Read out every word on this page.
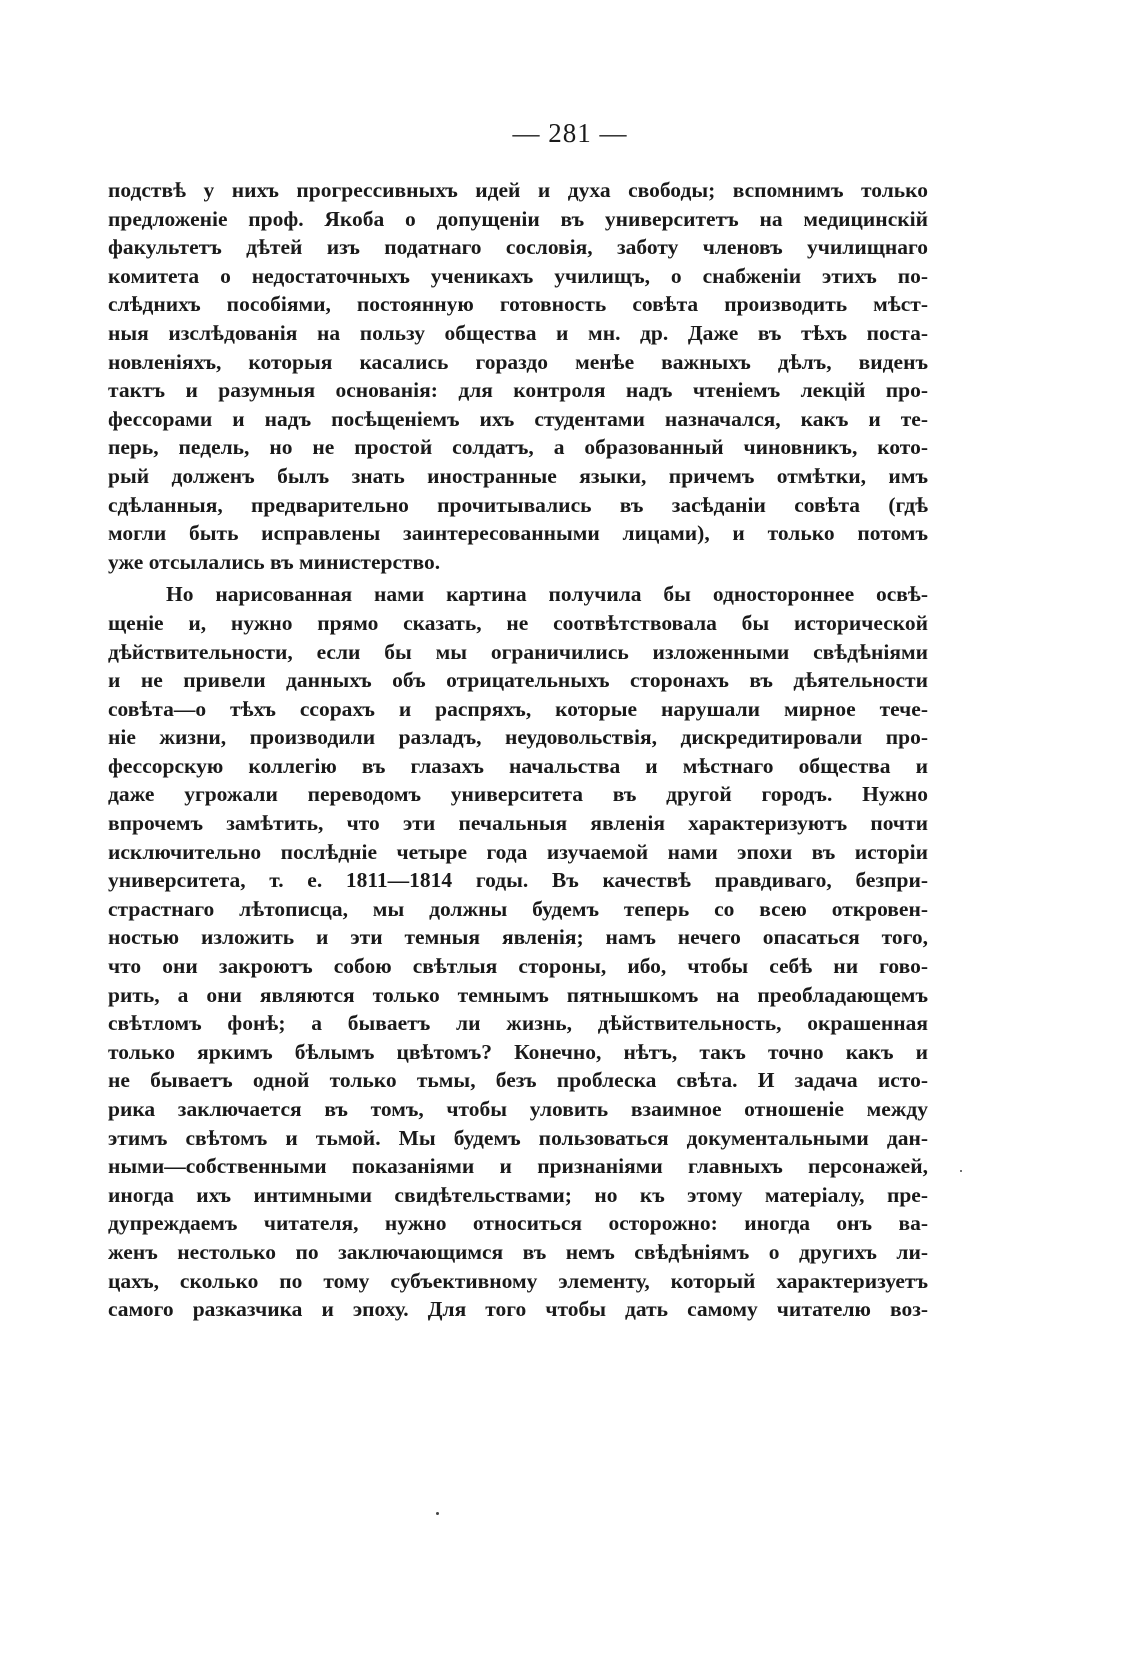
— 281 —
подствѣ у нихъ прогрессивныхъ идей и духа свободы; вспомнимъ только
предложеніе проф. Якоба о допущеніи въ университетъ на медицинскій
факультетъ дѣтей изъ податнаго сословія, заботу членовъ училищнаго
комитета о недостаточныхъ ученикахъ училищъ, о снабженіи этихъ по-
слѣднихъ пособіями, постоянную готовность совѣта производить мѣст-
ныя изслѣдованія на пользу общества и мн. др. Даже въ тѣхъ поста-
новленіяхъ, которыя касались гораздо менѣе важныхъ дѣлъ, виденъ
тактъ и разумныя основанія: для контроля надъ чтеніемъ лекцій про-
фессорами и надъ посѣщеніемъ ихъ студентами назначался, какъ и те-
перь, педель, но не простой солдатъ, а образованный чиновникъ, кото-
рый долженъ былъ знать иностранные языки, причемъ отмѣтки, имъ
сдѣланныя, предварительно прочитывались въ засѣданіи совѣта (гдѣ
могли быть исправлены заинтересованными лицами), и только потомъ
уже отсылались въ министерство.
Но нарисованная нами картина получила бы одностороннее освѣ-
щеніе и, нужно прямо сказать, не соотвѣтствовала бы исторической
дѣйствительности, если бы мы ограничились изложенными свѣдѣніями
и не привели данныхъ объ отрицательныхъ сторонахъ въ дѣятельности
совѣта—о тѣхъ ссорахъ и распряхъ, которые нарушали мирное тече-
ніе жизни, производили разладъ, неудовольствія, дискредитировали про-
фессорскую коллегію въ глазахъ начальства и мѣстнаго общества и
даже угрожали переводомъ университета въ другой городъ. Нужно
впрочемъ замѣтить, что эти печальныя явленія характеризуютъ почти
исключительно послѣдніе четыре года изучаемой нами эпохи въ исторіи
университета, т. е. 1811—1814 годы. Въ качествѣ правдиваго, безпри-
страстнаго лѣтописца, мы должны будемъ теперь со всею откровен-
ностью изложить и эти темныя явленія; намъ нечего опасаться того,
что они закроютъ собою свѣтлыя стороны, ибо, чтобы себѣ ни гово-
рить, а они являются только темнымъ пятнышкомъ на преобладающемъ
свѣтломъ фонѣ; а бываетъ ли жизнь, дѣйствительность, окрашенная
только яркимъ бѣлымъ цвѣтомъ? Конечно, нѣтъ, такъ точно какъ и
не бываетъ одной только тьмы, безъ проблеска свѣта. И задача исто-
рика заключается въ томъ, чтобы уловить взаимное отношеніе между
этимъ свѣтомъ и тьмой. Мы будемъ пользоваться документальными дан-
ными—собственными показаніями и признаніями главныхъ персонажей,
иногда ихъ интимными свидѣтельствами; но къ этому матеріалу, пре-
дупреждаемъ читателя, нужно относиться осторожно: иногда онъ ва-
женъ нестолько по заключающимся въ немъ свѣдѣніямъ о другихъ ли-
цахъ, сколько по тому субъективному элементу, который характеризуетъ
самого разказчика и эпоху. Для того чтобы дать самому читателю воз-
